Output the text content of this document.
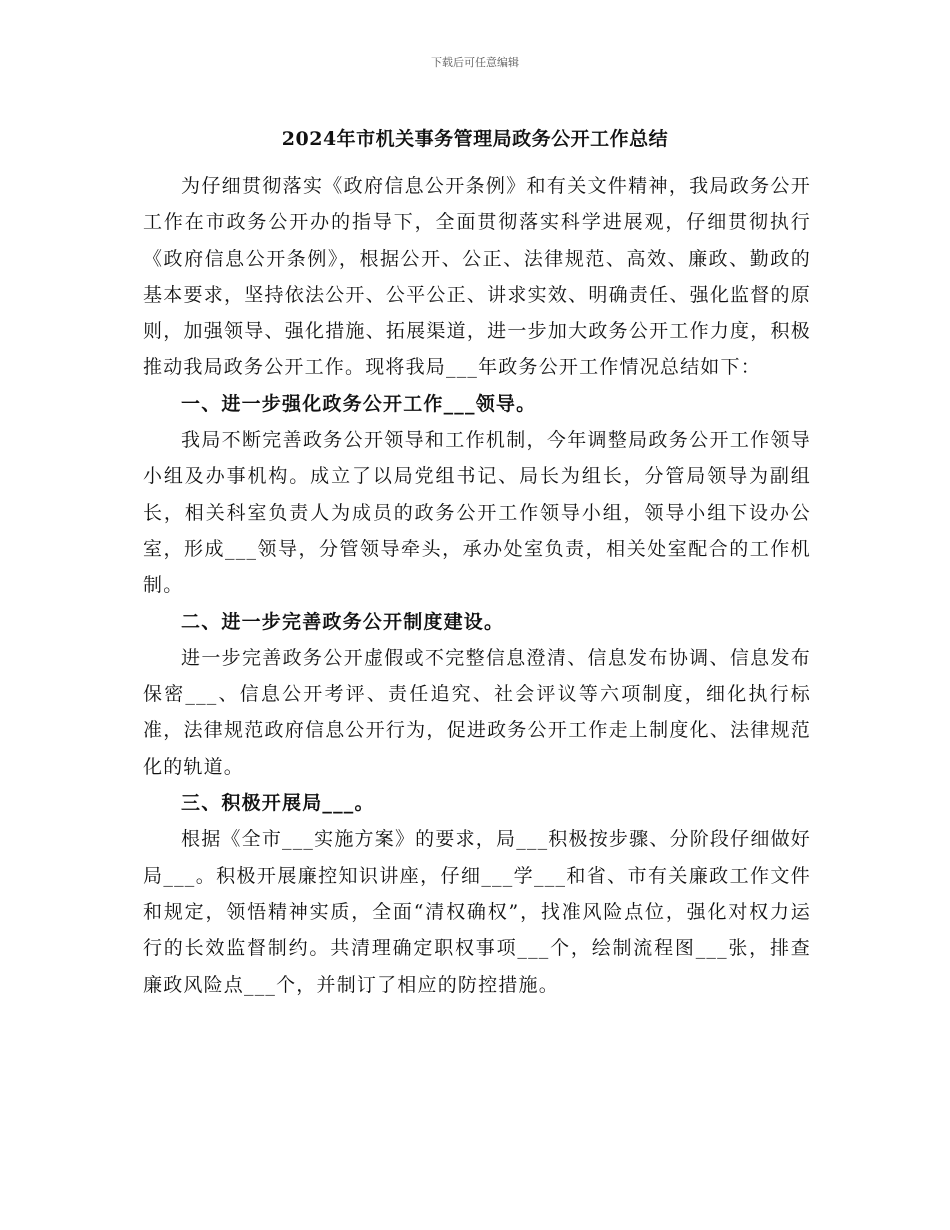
下载后可任意编辑
2024年市机关事务管理局政务公开工作总结

为仔细贯彻落实《政府信息公开条例》和有关文件精神，我局政务公开工作在市政务公开办的指导下，全面贯彻落实科学进展观，仔细贯彻执行《政府信息公开条例》，根据公开、公正、法律规范、高效、廉政、勤政的基本要求，坚持依法公开、公平公正、讲求实效、明确责任、强化监督的原则，加强领导、强化措施、拓展渠道，进一步加大政务公开工作力度，积极推动我局政务公开工作。现将我局___年政务公开工作情况总结如下：

一、进一步强化政务公开工作___领导。

我局不断完善政务公开领导和工作机制，今年调整局政务公开工作领导小组及办事机构。成立了以局党组书记、局长为组长，分管局领导为副组长，相关科室负责人为成员的政务公开工作领导小组，领导小组下设办公室，形成___领导，分管领导牵头，承办处室负责，相关处室配合的工作机制。

二、进一步完善政务公开制度建设。

进一步完善政务公开虚假或不完整信息澄清、信息发布协调、信息发布保密___、信息公开考评、责任追究、社会评议等六项制度，细化执行标准，法律规范政府信息公开行为，促进政务公开工作走上制度化、法律规范化的轨道。

三、积极开展局___。

根据《全市___实施方案》的要求，局___积极按步骤、分阶段仔细做好局___。积极开展廉控知识讲座，仔细___学___和省、市有关廉政工作文件和规定，领悟精神实质，全面“清权确权”，找准风险点位，强化对权力运行的长效监督制约。共清理确定职权事项___个，绘制流程图___张，排查廉政风险点___个，并制订了相应的防控措施。
